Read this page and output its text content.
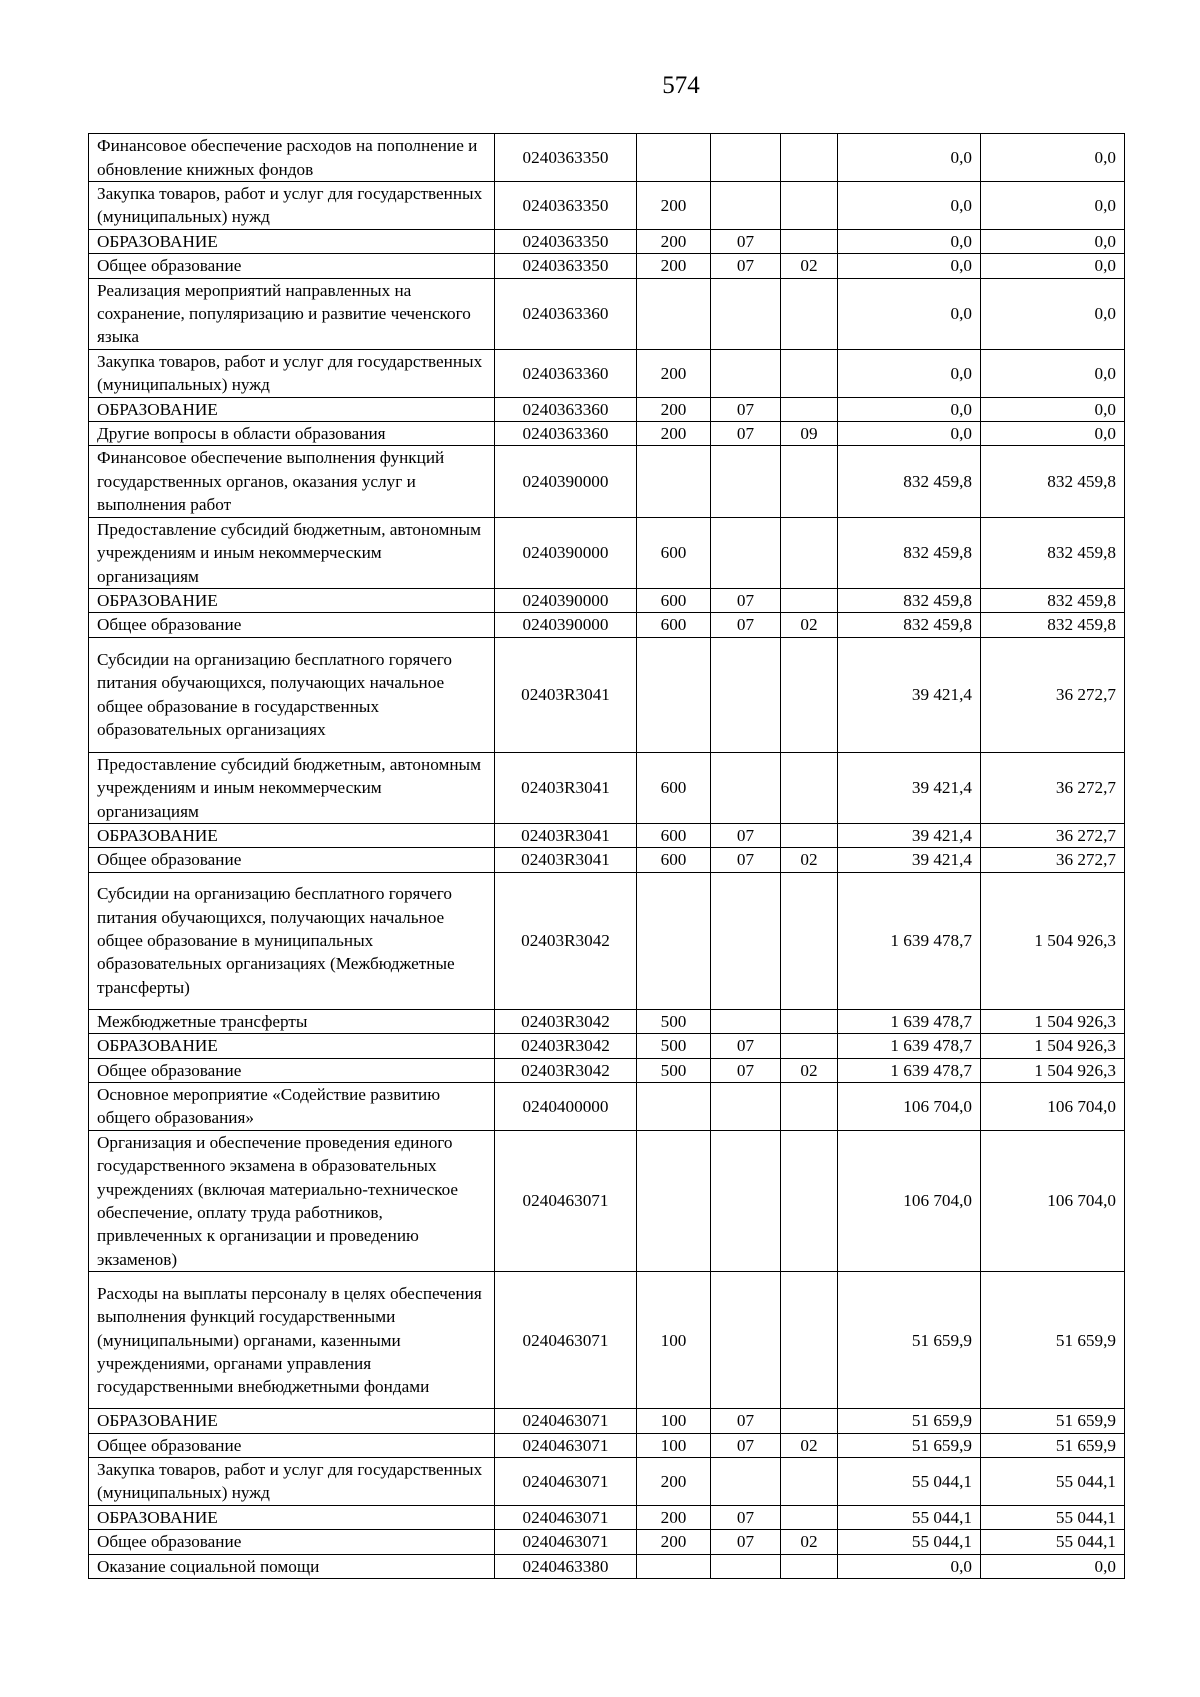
574
Финансовое обеспечение расходов на пополнение и обновление книжных фондов	0240363350				0,0	0,0
Закупка товаров, работ и услуг для государственных (муниципальных) нужд	0240363350	200			0,0	0,0
ОБРАЗОВАНИЕ	0240363350	200	07		0,0	0,0
Общее образование	0240363350	200	07	02	0,0	0,0
Реализация мероприятий направленных на сохранение, популяризацию и развитие чеченского языка	0240363360				0,0	0,0
Закупка товаров, работ и услуг для государственных (муниципальных) нужд	0240363360	200			0,0	0,0
ОБРАЗОВАНИЕ	0240363360	200	07		0,0	0,0
Другие вопросы в области образования	0240363360	200	07	09	0,0	0,0
Финансовое обеспечение выполнения функций государственных органов, оказания услуг и выполнения работ	0240390000				832 459,8	832 459,8
Предоставление субсидий бюджетным, автономным учреждениям и иным некоммерческим организациям	0240390000	600			832 459,8	832 459,8
ОБРАЗОВАНИЕ	0240390000	600	07		832 459,8	832 459,8
Общее образование	0240390000	600	07	02	832 459,8	832 459,8
Субсидии на организацию бесплатного горячего питания обучающихся, получающих начальное общее образование в государственных образовательных организациях	02403R3041				39 421,4	36 272,7
Предоставление субсидий бюджетным, автономным учреждениям и иным некоммерческим организациям	02403R3041	600			39 421,4	36 272,7
ОБРАЗОВАНИЕ	02403R3041	600	07		39 421,4	36 272,7
Общее образование	02403R3041	600	07	02	39 421,4	36 272,7
Субсидии на организацию бесплатного горячего питания обучающихся, получающих начальное общее образование в муниципальных образовательных организациях (Межбюджетные трансферты)	02403R3042				1 639 478,7	1 504 926,3
Межбюджетные трансферты	02403R3042	500			1 639 478,7	1 504 926,3
ОБРАЗОВАНИЕ	02403R3042	500	07		1 639 478,7	1 504 926,3
Общее образование	02403R3042	500	07	02	1 639 478,7	1 504 926,3
Основное мероприятие «Содействие развитию общего образования»	0240400000				106 704,0	106 704,0
Организация и обеспечение проведения единого государственного экзамена в образовательных учреждениях (включая материально-техническое обеспечение, оплату труда работников, привлеченных к организации и проведению экзаменов)	0240463071				106 704,0	106 704,0
Расходы на выплаты персоналу в целях обеспечения выполнения функций государственными (муниципальными) органами, казенными учреждениями, органами управления государственными внебюджетными фондами	0240463071	100			51 659,9	51 659,9
ОБРАЗОВАНИЕ	0240463071	100	07		51 659,9	51 659,9
Общее образование	0240463071	100	07	02	51 659,9	51 659,9
Закупка товаров, работ и услуг для государственных (муниципальных) нужд	0240463071	200			55 044,1	55 044,1
ОБРАЗОВАНИЕ	0240463071	200	07		55 044,1	55 044,1
Общее образование	0240463071	200	07	02	55 044,1	55 044,1
Оказание социальной помощи	0240463380				0,0	0,0
